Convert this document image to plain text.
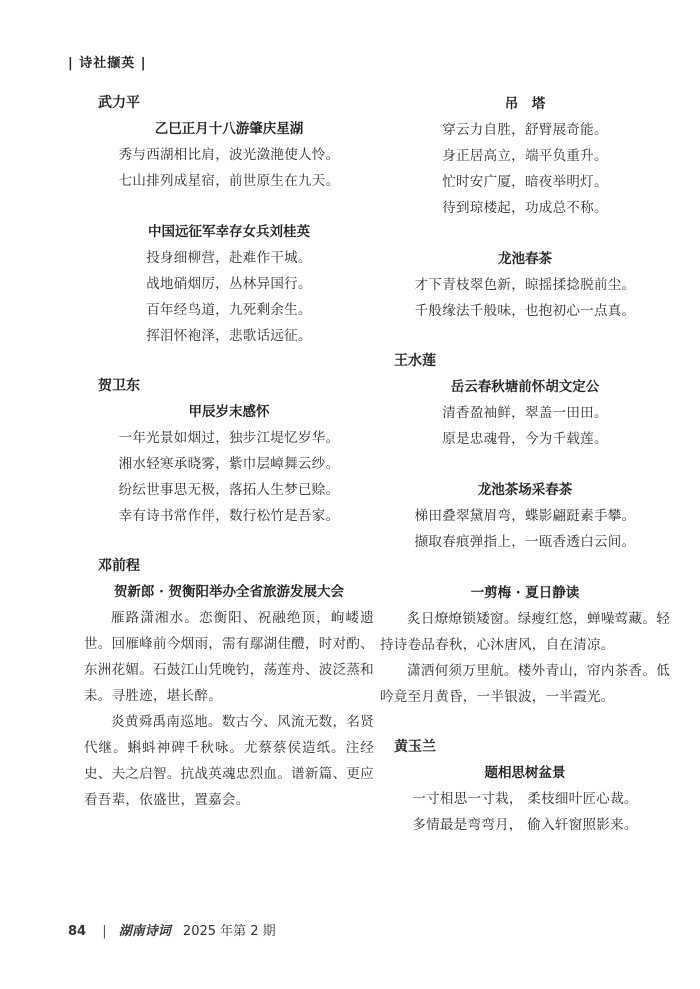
| 诗社撷英 |
武力平
乙巳正月十八游肇庆星湖
秀与西湖相比肩，波光潋滟使人怜。
七山排列成星宿，前世原生在九天。
中国远征军幸存女兵刘桂英
投身细柳营，赴难作干城。
战地硝烟厉，丛林异国行。
百年经鸟道，九死剩余生。
挥泪怀袍泽，悲歌话远征。
贺卫东
甲辰岁末感怀
一年光景如烟过，独步江堤忆岁华。
湘水轻寒承晓雾，紫巾层嶂舞云纱。
纷纭世事思无极，落拓人生梦已赊。
幸有诗书常作伴，数行松竹是吾家。
邓前程
贺新郎 · 贺衡阳举办全省旅游发展大会

雁路潇湘水。恋衡阳、祝融绝顶，岣嵝遗世。回雁峰前今烟雨，需有鄢湖佳醴，时对酌、东洲花媚。石鼓江山凭晚钓，荡莲舟、波泛蒸和耒。寻胜迹，堪长醉。

炎黄舜禹南巡地。数古今、风流无数，名贤代继。蝌蚪神碑千秋咏。尤蔡蔡侯造纸。注经史、夫之启智。抗战英魂忠烈血。谱新篇、更应看吾辈，依盛世，置嘉会。

吊　塔
穿云力自胜，舒臂展奇能。
身正居高立，端平负重升。
忙时安广厦，暗夜举明灯。
待到琼楼起，功成总不称。
龙池春茶
才下青枝翠色新，晾摇揉捻脱前尘。
千般缘法千般味，也抱初心一点真。
王水莲
岳云春秋塘前怀胡文定公
清香盈袖鲜，翠盖一田田。
原是忠魂骨，今为千载莲。
龙池茶场采春茶
梯田叠翠黛眉弯，蝶影翩跹素手攀。
撷取春痕弹指上，一瓯香透白云间。
一剪梅 · 夏日静读

炙日燎燎锁矮窗。绿瘦红悠，蝉噪莺藏。轻持诗卷品春秋，心沐唐风，自在清凉。

潇洒何须万里航。楼外青山，帘内茶香。低吟竟至月黄昏，一半银波，一半霞光。

黄玉兰
题相思树盆景
一寸相思一寸栽， 柔枝细叶匠心裁。
多情最是弯弯月， 偷入轩窗照影来。
84 | 湖南诗词 2025 年第 2 期
